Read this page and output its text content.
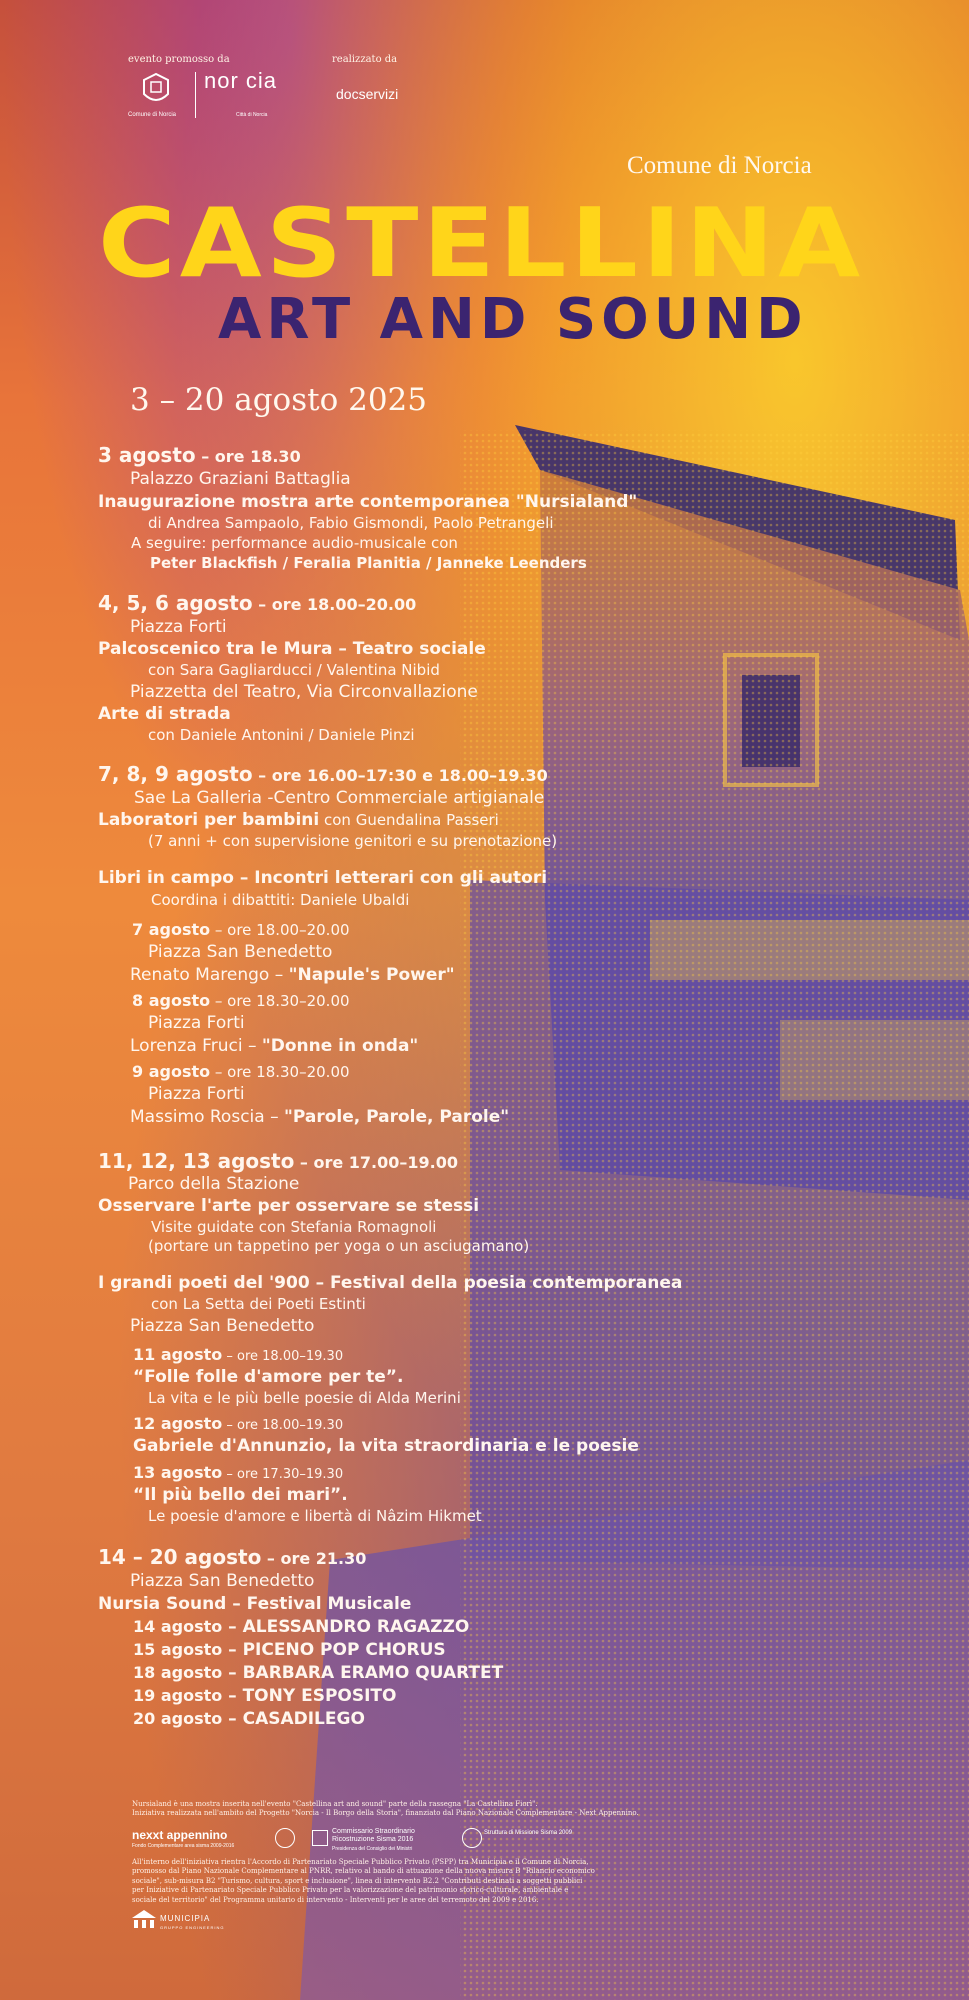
evento promosso da	realizzato da
Comune di Norcia
nor cia
Città di Norcia
docservizi
Comune di Norcia
CASTELLINA
ART AND SOUND
3 – 20 agosto 2025
3 agosto – ore 18.30
Palazzo Graziani Battaglia
Inaugurazione mostra arte contemporanea "Nursialand"
di Andrea Sampaolo, Fabio Gismondi, Paolo Petrangeli
A seguire: performance audio-musicale con
Peter Blackfish / Feralia Planitia / Janneke Leenders
4, 5, 6 agosto – ore 18.00–20.00
Piazza Forti
Palcoscenico tra le Mura – Teatro sociale
con Sara Gagliarducci / Valentina Nibid
Piazzetta del Teatro, Via Circonvallazione
Arte di strada
con Daniele Antonini / Daniele Pinzi
7, 8, 9 agosto – ore 16.00–17:30 e 18.00–19.30
Sae La Galleria -Centro Commerciale artigianale
Laboratori per bambini con Guendalina Passeri
(7 anni + con supervisione genitori e su prenotazione)
Libri in campo – Incontri letterari con gli autori
Coordina i dibattiti: Daniele Ubaldi
7 agosto – ore 18.00–20.00
Piazza San Benedetto
Renato Marengo – "Napule's Power"
8 agosto – ore 18.30–20.00
Piazza Forti
Lorenza Fruci – "Donne in onda"
9 agosto – ore 18.30–20.00
Piazza Forti
Massimo Roscia – "Parole, Parole, Parole"
11, 12, 13 agosto – ore 17.00–19.00
Parco della Stazione
Osservare l'arte per osservare se stessi
Visite guidate con Stefania Romagnoli
(portare un tappetino per yoga o un asciugamano)
I grandi poeti del '900 – Festival della poesia contemporanea
con La Setta dei Poeti Estinti
Piazza San Benedetto
11 agosto – ore 18.00–19.30
“Folle folle d'amore per te”.
La vita e le più belle poesie di Alda Merini
12 agosto – ore 18.00–19.30
Gabriele d'Annunzio, la vita straordinaria e le poesie
13 agosto – ore 17.30–19.30
“Il più bello dei mari”.
Le poesie d'amore e libertà di Nâzim Hikmet
14 – 20 agosto – ore 21.30
Piazza San Benedetto
Nursia Sound – Festival Musicale
14 agosto – ALESSANDRO RAGAZZO
15 agosto – PICENO POP CHORUS
18 agosto – BARBARA ERAMO QUARTET
19 agosto – TONY ESPOSITO
20 agosto – CASADILEGO
Nursialand è una mostra inserita nell'evento "Castellina art and sound" parte della rassegna "La Castellina Fiorì".
Iniziativa realizzata nell'ambito del Progetto "Norcia - Il Borgo della Storia", finanziato dal Piano Nazionale Complementare - Next Appennino.
nexxt appennino
Fondo Complementare area sisma 2009-2016
Commissario Straordinario Ricostruzione Sisma 2016
Presidenza del Consiglio dei Ministri
Struttura di Missione Sisma 2009
All'interno dell'iniziativa rientra l'Accordo di Partenariato Speciale Pubblico Privato (PSPP) tra Municipia e il Comune di Norcia,
promosso dal Piano Nazionale Complementare al PNRR, relativo al bando di attuazione della nuova misura B "Rilancio economico
sociale", sub-misura B2 "Turismo, cultura, sport e inclusione", linea di intervento B2.2 "Contributi destinati a soggetti pubblici
per Iniziative di Partenariato Speciale Pubblico Privato per la valorizzazione del patrimonio storico-culturale, ambientale e
sociale del territorio" del Programma unitario di intervento - Interventi per le aree del terremoto del 2009 e 2016.
MUNICIPIA
GRUPPO ENGINEERING
